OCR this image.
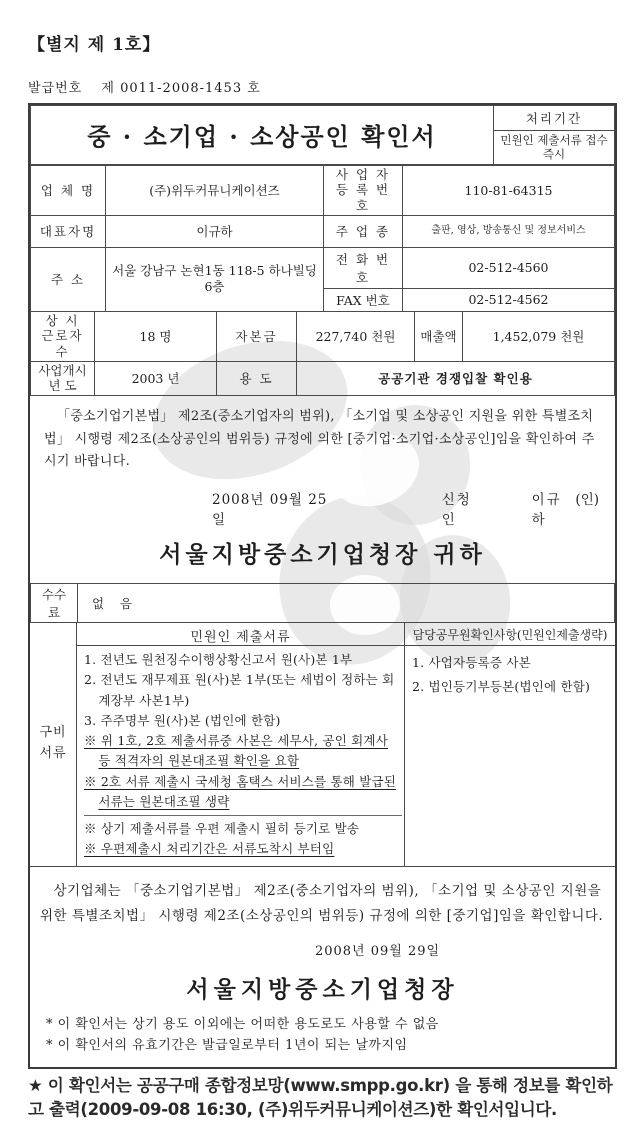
【별지 제 1호】
발급번호 제 0011-2008-1453 호
중 · 소기업 · 소상공인 확인서	처리기간
민원인 제출서류 접수 즉시
업 체 명	(주)위두커뮤니케이션즈	사 업 자 등 록 번 호	110-81-64315
대표자명	이규하	주 업 종	출판, 영상, 방송통신 및 정보서비스
주 소	서울 강남구 논현1동 118-5 하나빌딩 6층	전 화 번 호	02-512-4560
		FAX 번호	02-512-4562
상 시 근로자수	18 명	자본금	227,740 천원	매출액	1,452,079 천원
사업개시 년 도	2003 년	용 도	공공기관 경쟁입찰 확인용		
「중소기업기본법」 제2조(중소기업자의 범위), 「소기업 및 소상공인 지원을 위한 특별조치법」 시행령 제2조(소상공인의 범위등) 규정에 의한 [중기업·소기업·소상공인]임을 확인하여 주시기 바랍니다.
2008년 09월 25일
신청인
이규하
(인)
서울지방중소기업청장 귀하
수수료	없 음
구비 서류
민원인 제출서류
1. 전년도 원천징수이행상황신고서 원(사)본 1부
2. 전년도 재무제표 원(사)본 1부(또는 세법이 정하는 회계장부 사본1부)
3. 주주명부 원(사)본 (법인에 한함)
※ 위 1호, 2호 제출서류중 사본은 세무사, 공인 회계사 등 적격자의 원본대조필 확인을 요함
※ 2호 서류 제출시 국세청 홈택스 서비스를 통해 발급된 서류는 원본대조필 생략
※ 상기 제출서류를 우편 제출시 필히 등기로 발송
※ 우편제출시 처리기간은 서류도착시 부터임
담당공무원확인사항(민원인제출생략)
1. 사업자등록증 사본
2. 법인등기부등본(법인에 한함)
상기업체는 「중소기업기본법」 제2조(중소기업자의 범위), 「소기업 및 소상공인 지원을 위한 특별조치법」 시행령 제2조(소상공인의 범위등) 규정에 의한 [중기업]임을 확인합니다.
2008년 09월 29일
서울지방중소기업청장
* 이 확인서는 상기 용도 이외에는 어떠한 용도로도 사용할 수 없음
* 이 확인서의 유효기간은 발급일로부터 1년이 되는 날까지임
★ 이 확인서는 공공구매 종합정보망(www.smpp.go.kr) 을 통해 정보를 확인하고 출력(2009-09-08 16:30, (주)위두커뮤니케이션즈)한 확인서입니다.
